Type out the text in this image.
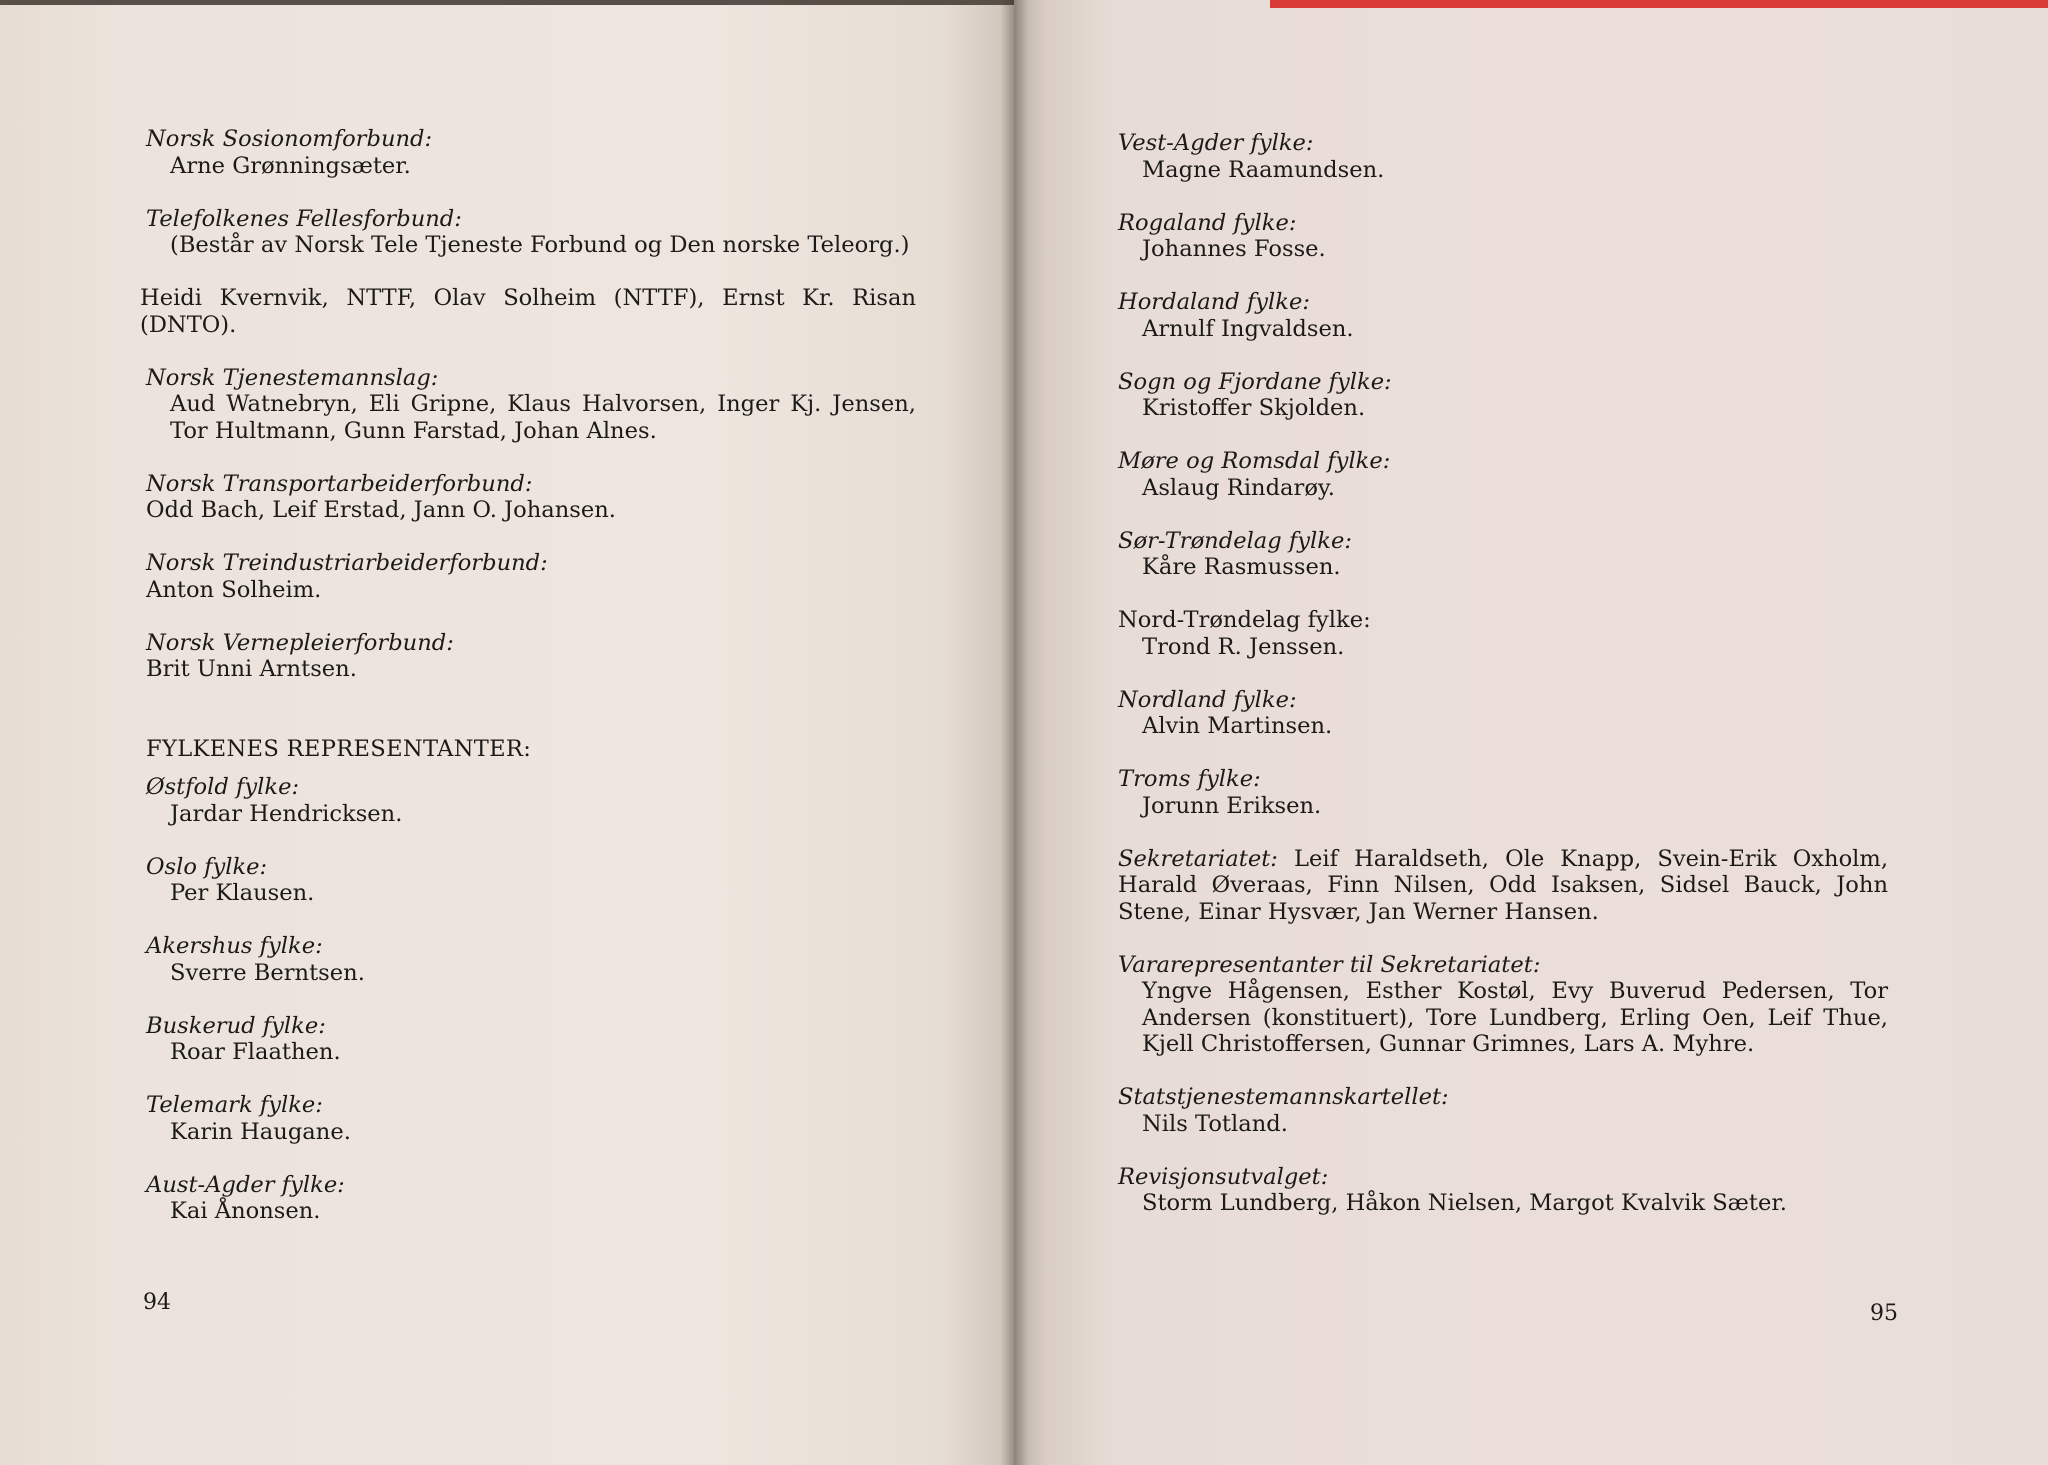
Norsk Sosionomforbund:
Arne Grønningsæter.
Telefolkenes Fellesforbund:
(Består av Norsk Tele Tjeneste Forbund og Den norske Teleorg.)
Heidi Kvernvik, NTTF, Olav Solheim (NTTF), Ernst Kr. Risan (DNTO).
Norsk Tjenestemannslag:
Aud Watnebryn, Eli Gripne, Klaus Halvorsen, Inger Kj. Jensen, Tor Hultmann, Gunn Farstad, Johan Alnes.
Norsk Transportarbeiderforbund:
Odd Bach, Leif Erstad, Jann O. Johansen.
Norsk Treindustriarbeiderforbund:
Anton Solheim.
Norsk Vernepleierforbund:
Brit Unni Arntsen.
FYLKENES REPRESENTANTER:
Østfold fylke:
Jardar Hendricksen.
Oslo fylke:
Per Klausen.
Akershus fylke:
Sverre Berntsen.
Buskerud fylke:
Roar Flaathen.
Telemark fylke:
Karin Haugane.
Aust-Agder fylke:
Kai Ånonsen.
94
Vest-Agder fylke:
Magne Raamundsen.
Rogaland fylke:
Johannes Fosse.
Hordaland fylke:
Arnulf Ingvaldsen.
Sogn og Fjordane fylke:
Kristoffer Skjolden.
Møre og Romsdal fylke:
Aslaug Rindarøy.
Sør-Trøndelag fylke:
Kåre Rasmussen.
Nord-Trøndelag fylke:
Trond R. Jenssen.
Nordland fylke:
Alvin Martinsen.
Troms fylke:
Jorunn Eriksen.
Sekretariatet: Leif Haraldseth, Ole Knapp, Svein-Erik Oxholm, Harald Øveraas, Finn Nilsen, Odd Isaksen, Sidsel Bauck, John Stene, Einar Hysvær, Jan Werner Hansen.
Vararepresentanter til Sekretariatet:
Yngve Hågensen, Esther Kostøl, Evy Buverud Pedersen, Tor Andersen (konstituert), Tore Lundberg, Erling Oen, Leif Thue, Kjell Christoffersen, Gunnar Grimnes, Lars A. Myhre.
Statstjenestemannskartellet:
Nils Totland.
Revisjonsutvalget:
Storm Lundberg, Håkon Nielsen, Margot Kvalvik Sæter.
95
